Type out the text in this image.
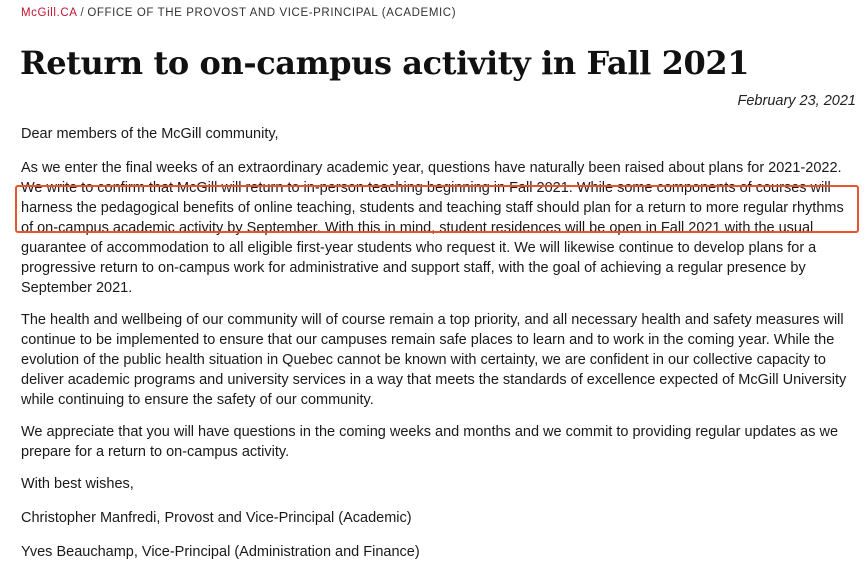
McGill.CA / OFFICE OF THE PROVOST AND VICE-PRINCIPAL (ACADEMIC)
Return to on-campus activity in Fall 2021
February 23, 2021

Dear members of the McGill community,

As we enter the final weeks of an extraordinary academic year, questions have naturally been raised about plans for 2021-2022. We write to confirm that McGill will return to in-person teaching beginning in Fall 2021. While some components of courses will harness the pedagogical benefits of online teaching, students and teaching staff should plan for a return to more regular rhythms of on-campus academic activity by September. With this in mind, student residences will be open in Fall 2021 with the usual guarantee of accommodation to all eligible first-year students who request it. We will likewise continue to develop plans for a progressive return to on-campus work for administrative and support staff, with the goal of achieving a regular presence by September 2021.

The health and wellbeing of our community will of course remain a top priority, and all necessary health and safety measures will continue to be implemented to ensure that our campuses remain safe places to learn and to work in the coming year. While the evolution of the public health situation in Quebec cannot be known with certainty, we are confident in our collective capacity to deliver academic programs and university services in a way that meets the standards of excellence expected of McGill University while continuing to ensure the safety of our community.

We appreciate that you will have questions in the coming weeks and months and we commit to providing regular updates as we prepare for a return to on-campus activity.

With best wishes,

Christopher Manfredi, Provost and Vice-Principal (Academic)

Yves Beauchamp, Vice-Principal (Administration and Finance)
